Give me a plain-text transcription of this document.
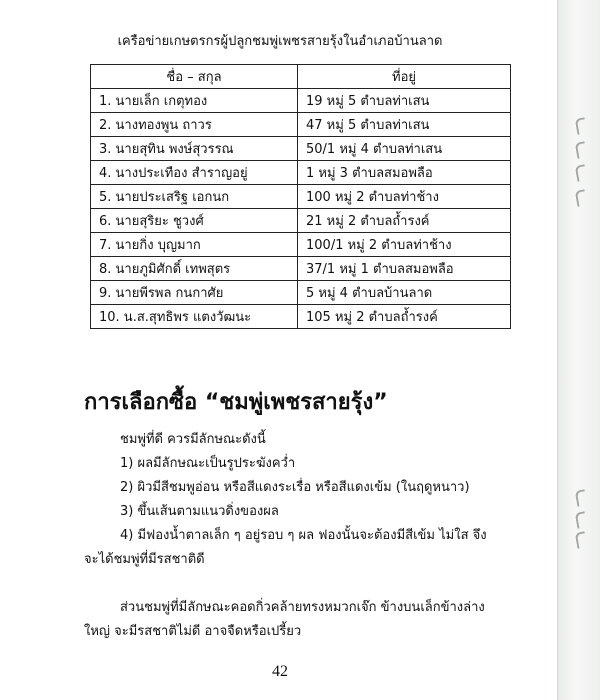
เครือข่ายเกษตรกรผู้ปลูกชมพู่เพชรสายรุ้งในอำเภอบ้านลาด
ชื่อ – สกุล	ที่อยู่
1. นายเล็ก เกตุทอง	19 หมู่ 5 ตำบลท่าเสน
2. นางทองพูน ถาวร	47 หมู่ 5 ตำบลท่าเสน
3. นายสุทิน พงษ์สุวรรณ	50/1 หมู่ 4 ตำบลท่าเสน
4. นางประเทือง สำราญอยู่	1 หมู่ 3 ตำบลสมอพลือ
5. นายประเสริฐ เอกนก	100 หมู่ 2 ตำบลท่าช้าง
6. นายสุริยะ ชูวงศ์	21 หมู่ 2 ตำบลถ้ำรงค์
7. นายกิ่ง บุญมาก	100/1 หมู่ 2 ตำบลท่าช้าง
8. นายภูมิศักดิ์ เทพสุตร	37/1 หมู่ 1 ตำบลสมอพลือ
9. นายพีรพล กนกาศัย	5 หมู่ 4 ตำบลบ้านลาด
10. น.ส.สุทธิพร แตงวัฒนะ	105 หมู่ 2 ตำบลถ้ำรงค์
การเลือกซื้อ “ชมพู่เพชรสายรุ้ง”
ชมพู่ที่ดี ควรมีลักษณะดังนี้
1) ผลมีลักษณะเป็นรูประฆังคว่ำ
2) ผิวมีสีชมพูอ่อน หรือสีแดงระเรื่อ หรือสีแดงเข้ม (ในฤดูหนาว)
3) ขึ้นเส้นตามแนวดิ่งของผล
4) มีฟองน้ำตาลเล็ก ๆ อยู่รอบ ๆ ผล ฟองนั้นจะต้องมีสีเข้ม ไม่ใส จึง
จะได้ชมพู่ที่มีรสชาติดี
ส่วนชมพู่ที่มีลักษณะคอดกิ่วคล้ายทรงหมวกเจ๊ก ข้างบนเล็กข้างล่าง
ใหญ่ จะมีรสชาติไม่ดี อาจจืดหรือเปรี้ยว
42
